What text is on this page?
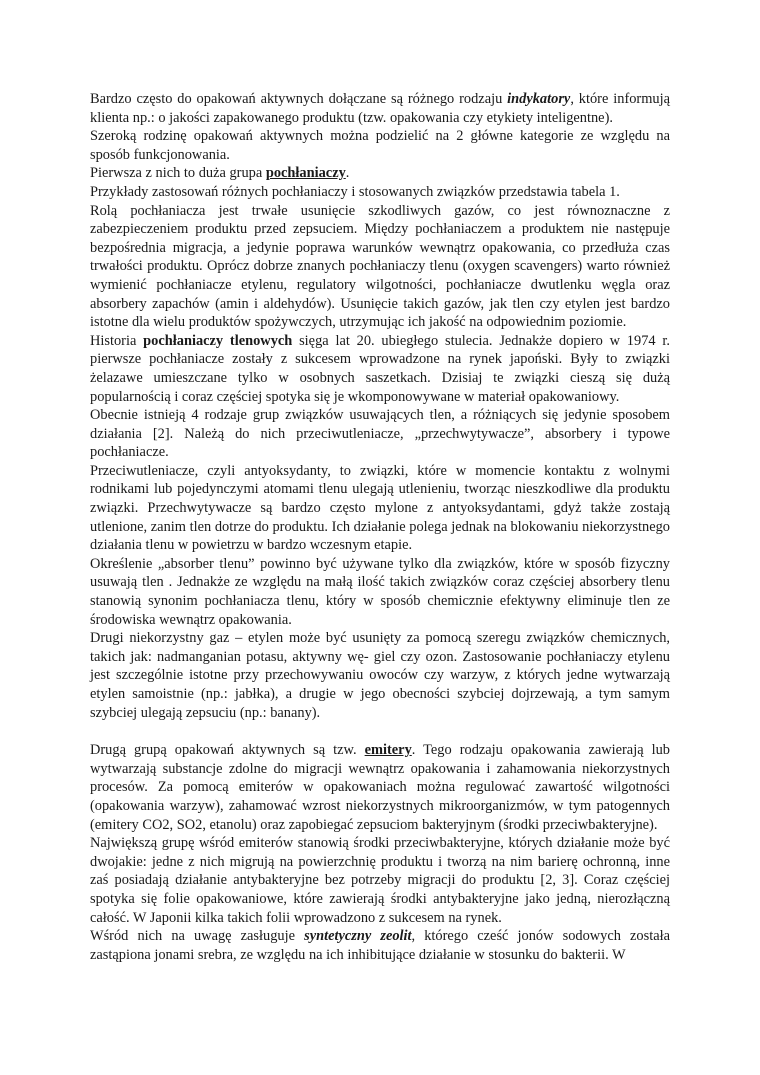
Bardzo często do opakowań aktywnych dołączane są różnego rodzaju indykatory, które informują klienta np.: o jakości zapakowanego produktu (tzw. opakowania czy etykiety inteligentne).

Szeroką rodzinę opakowań aktywnych można podzielić na 2 główne kategorie ze względu na sposób funkcjonowania.

Pierwsza z nich to duża grupa pochłaniaczy.

Przykłady zastosowań różnych pochłaniaczy i stosowanych związków przedstawia tabela 1.

Rolą pochłaniacza jest trwałe usunięcie szkodliwych gazów, co jest równoznaczne z zabezpieczeniem produktu przed zepsuciem. Między pochłaniaczem a produktem nie następuje bezpośrednia migracja, a jedynie poprawa warunków wewnątrz opakowania, co przedłuża czas trwałości produktu. Oprócz dobrze znanych pochłaniaczy tlenu (oxygen scavengers) warto również wymienić pochłaniacze etylenu, regulatory wilgotności, pochłaniacze dwutlenku węgla oraz absorbery zapachów (amin i aldehydów). Usunięcie takich gazów, jak tlen czy etylen jest bardzo istotne dla wielu produktów spożywczych, utrzymując ich jakość na odpowiednim poziomie.

Historia pochłaniaczy tlenowych sięga lat 20. ubiegłego stulecia. Jednakże dopiero w 1974 r. pierwsze pochłaniacze zostały z sukcesem wprowadzone na rynek japoński. Były to związki żelazawe umieszczane tylko w osobnych saszetkach. Dzisiaj te związki cieszą się dużą popularnością i coraz częściej spotyka się je wkomponowywane w materiał opakowaniowy.

Obecnie istnieją 4 rodzaje grup związków usuwających tlen, a różniących się jedynie sposobem działania [2]. Należą do nich przeciwutleniacze, „przechwytywacze”, absorbery i typowe pochłaniacze.

Przeciwutleniacze, czyli antyoksydanty, to związki, które w momencie kontaktu z wolnymi rodnikami lub pojedynczymi atomami tlenu ulegają utlenieniu, tworząc nieszkodliwe dla produktu związki. Przechwytywacze są bardzo często mylone z antyoksydantami, gdyż także zostają utlenione, zanim tlen dotrze do produktu. Ich działanie polega jednak na blokowaniu niekorzystnego działania tlenu w powietrzu w bardzo wczesnym etapie.

Określenie „absorber tlenu” powinno być używane tylko dla związków, które w sposób fizyczny usuwają tlen . Jednakże ze względu na małą ilość takich związków coraz częściej absorbery tlenu stanowią synonim pochłaniacza tlenu, który w sposób chemicznie efektywny eliminuje tlen ze środowiska wewnątrz opakowania.

Drugi niekorzystny gaz – etylen może być usunięty za pomocą szeregu związków chemicznych, takich jak: nadmanganian potasu, aktywny wę- giel czy ozon. Zastosowanie pochłaniaczy etylenu jest szczególnie istotne przy przechowywaniu owoców czy warzyw, z których jedne wytwarzają etylen samoistnie (np.: jabłka), a drugie w jego obecności szybciej dojrzewają, a tym samym szybciej ulegają zepsuciu (np.: banany).

Drugą grupą opakowań aktywnych są tzw. emitery. Tego rodzaju opakowania zawierają lub wytwarzają substancje zdolne do migracji wewnątrz opakowania i zahamowania niekorzystnych procesów. Za pomocą emiterów w opakowaniach można regulować zawartość wilgotności (opakowania warzyw), zahamować wzrost niekorzystnych mikroorganizmów, w tym patogennych (emitery CO2, SO2, etanolu) oraz zapobiegać zepsuciom bakteryjnym (środki przeciwbakteryjne).

Największą grupę wśród emiterów stanowią środki przeciwbakteryjne, których działanie może być dwojakie: jedne z nich migrują na powierzchnię produktu i tworzą na nim barierę ochronną, inne zaś posiadają działanie antybakteryjne bez potrzeby migracji do produktu [2, 3]. Coraz częściej spotyka się folie opakowaniowe, które zawierają środki antybakteryjne jako jedną, nierozłączną całość. W Japonii kilka takich folii wprowadzono z sukcesem na rynek.

Wśród nich na uwagę zasługuje syntetyczny zeolit, którego cześć jonów sodowych została zastąpiona jonami srebra, ze względu na ich inhibitujące działanie w stosunku do bakterii. W
